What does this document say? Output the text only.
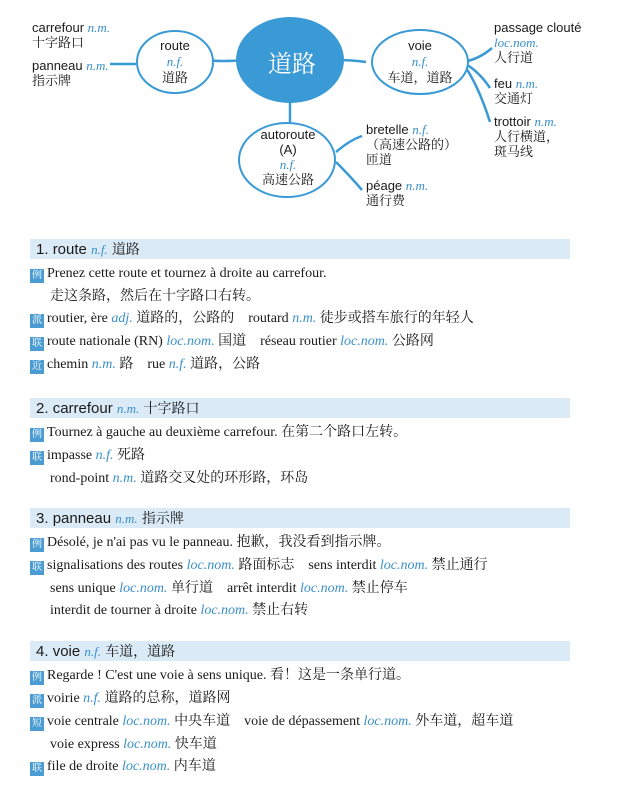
道路
route
n.f.
道路
voie
n.f.
车道，道路
autoroute
(A)
n.f.
高速公路
carrefour n.m.
十字路口
panneau n.m.
指示牌
passage clouté
loc.nom.
人行道
feu n.m.
交通灯
trottoir n.m.
人行横道，
斑马线
bretelle n.f.
（高速公路的）
匝道
péage n.m.
通行费
1. route n.f. 道路
例 Prenez cette route et tournez à droite au carrefour.
走这条路，然后在十字路口右转。
派 routier, ère adj. 道路的，公路的 routard n.m. 徒步或搭车旅行的年轻人
联 route nationale (RN) loc.nom. 国道 réseau routier loc.nom. 公路网
近 chemin n.m. 路 rue n.f. 道路，公路
2. carrefour n.m. 十字路口
例 Tournez à gauche au deuxième carrefour. 在第二个路口左转。
联 impasse n.f. 死路
rond-point n.m. 道路交叉处的环形路，环岛
3. panneau n.m. 指示牌
例 Désolé, je n'ai pas vu le panneau. 抱歉，我没看到指示牌。
联 signalisations des routes loc.nom. 路面标志 sens interdit loc.nom. 禁止通行
sens unique loc.nom. 单行道 arrêt interdit loc.nom. 禁止停车
interdit de tourner à droite loc.nom. 禁止右转
4. voie n.f. 车道，道路
例 Regarde ! C'est une voie à sens unique. 看！这是一条单行道。
派 voirie n.f. 道路的总称，道路网
短 voie centrale loc.nom. 中央车道 voie de dépassement loc.nom. 外车道，超车道
voie express loc.nom. 快车道
联 file de droite loc.nom. 内车道
